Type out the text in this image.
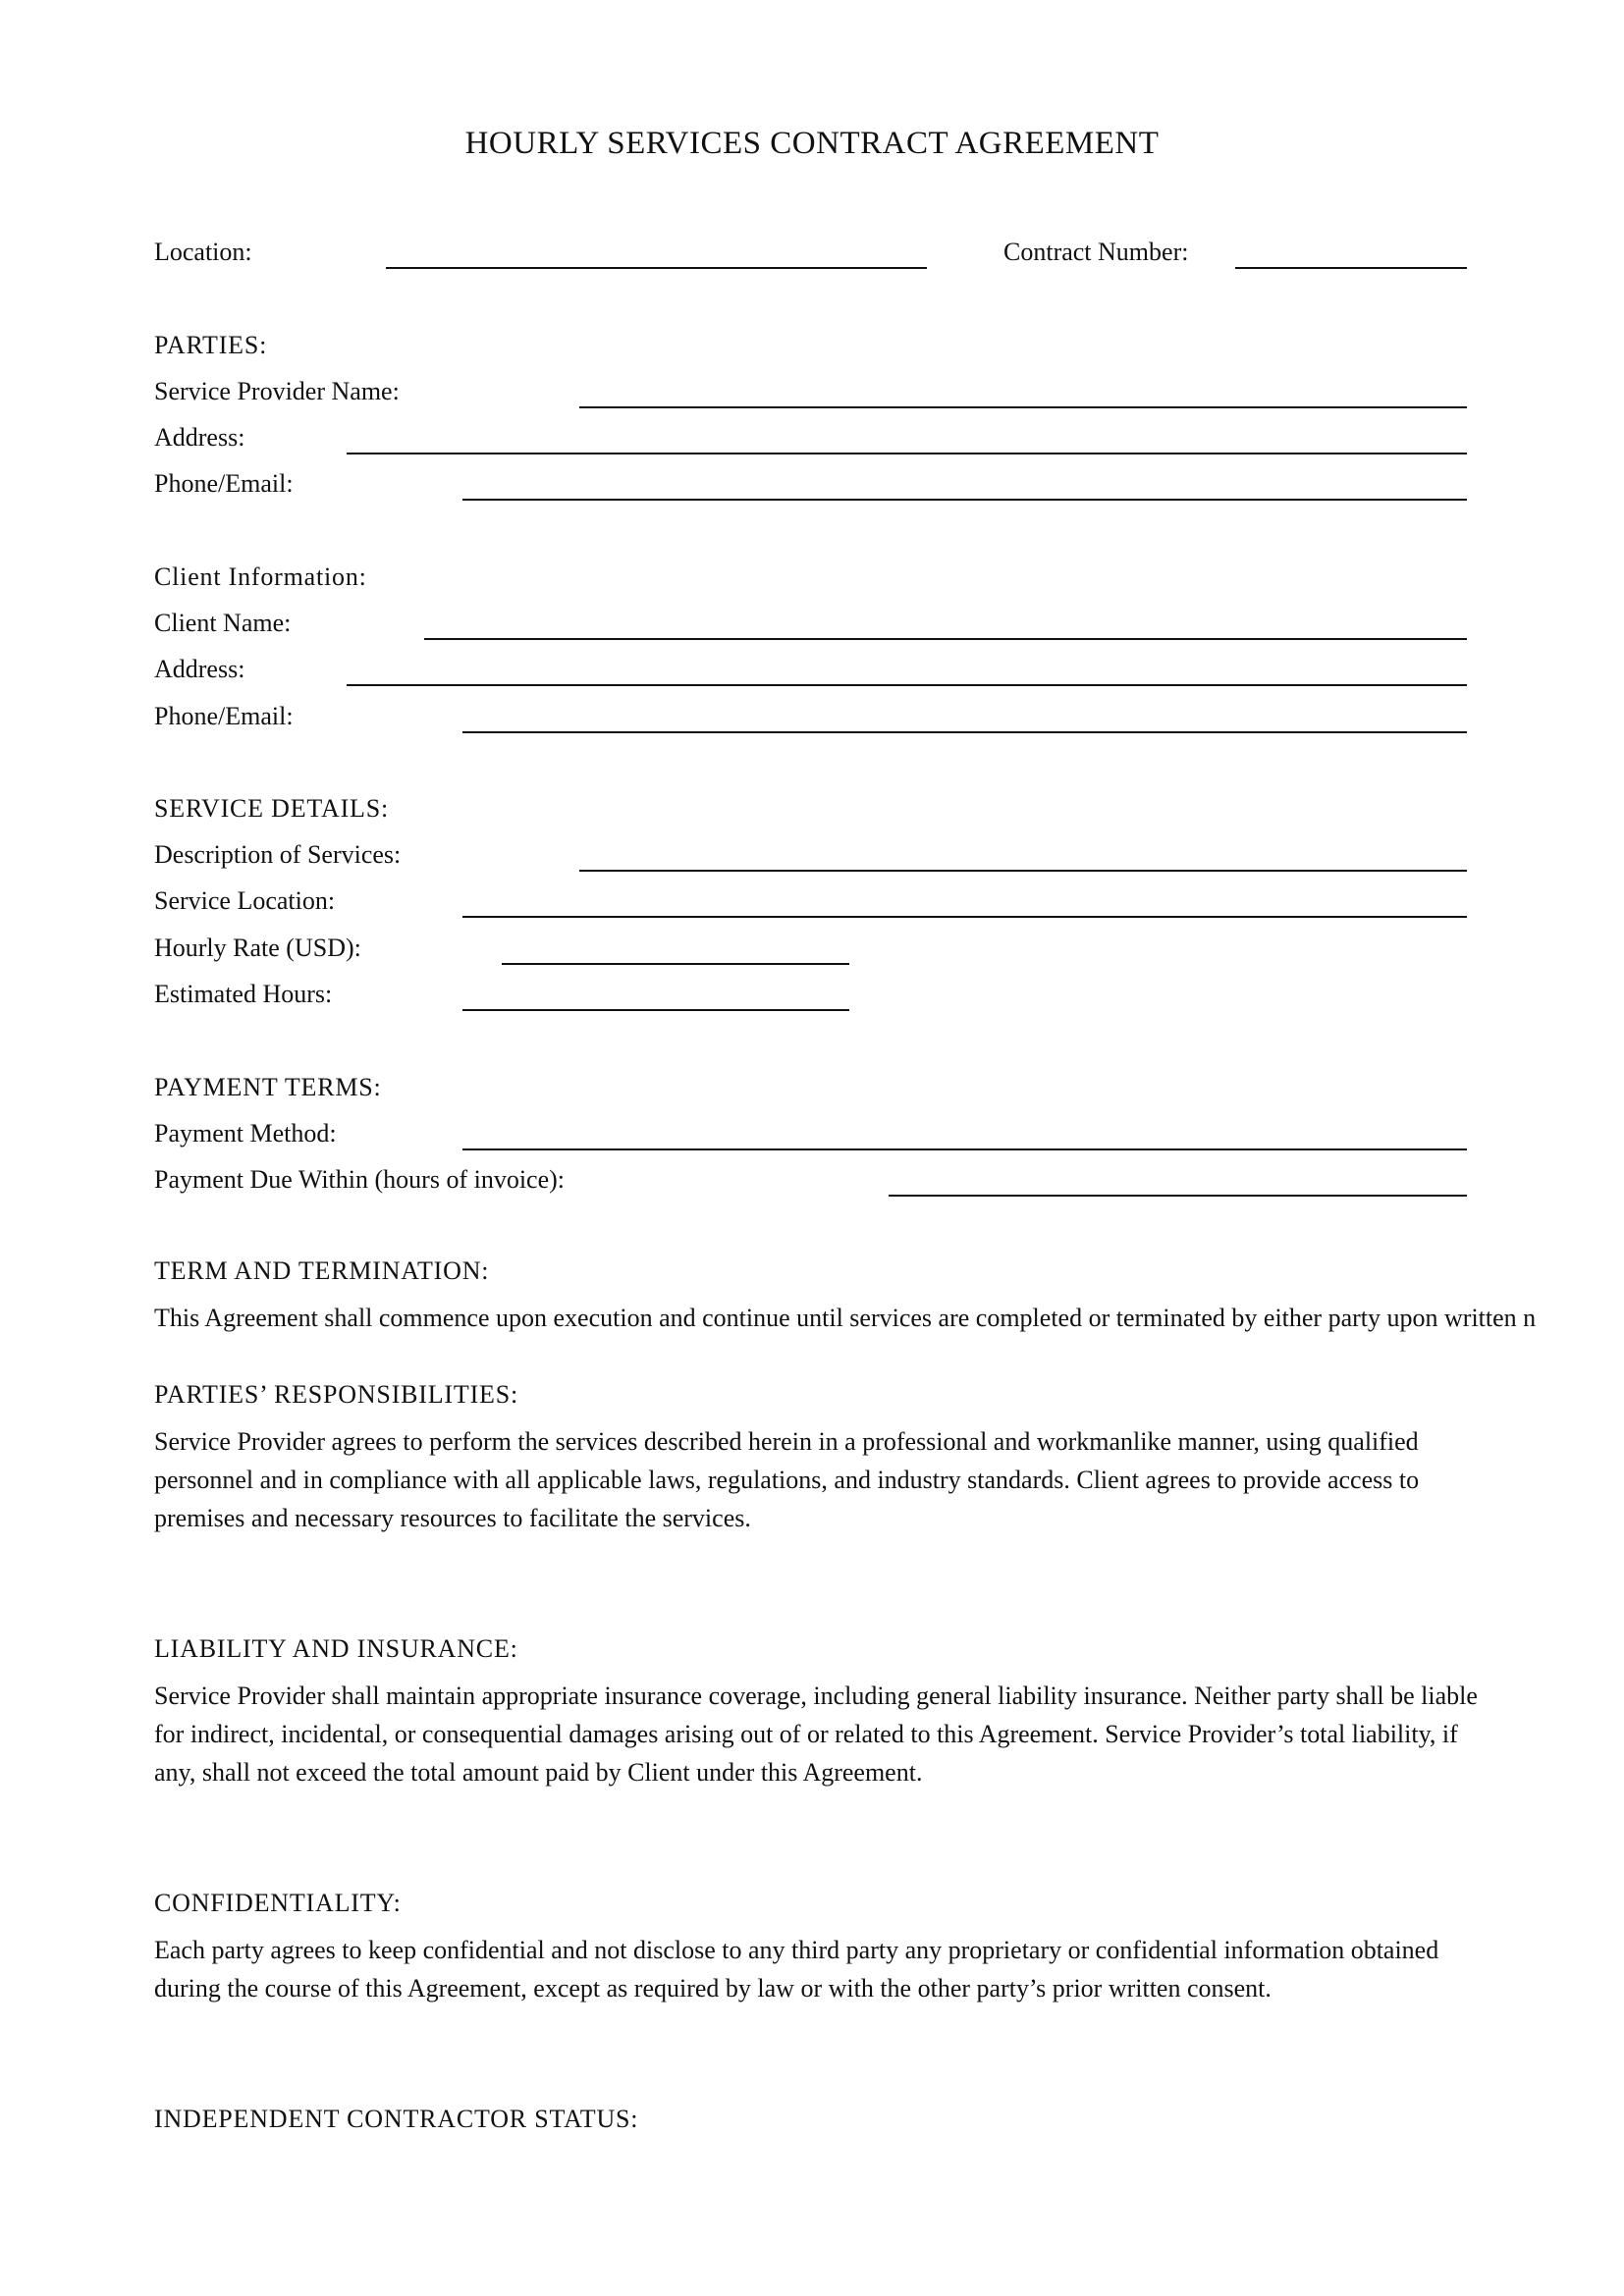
HOURLY SERVICES CONTRACT AGREEMENT
Location:	Contract Number:
PARTIES:
Service Provider Name:
Address:
Phone/Email:
Client Information:
Client Name:
Address:
Phone/Email:
SERVICE DETAILS:
Description of Services:
Service Location:
Hourly Rate (USD):
Estimated Hours:
PAYMENT TERMS:
Payment Method:
Payment Due Within (hours of invoice):
TERM AND TERMINATION:
This Agreement shall commence upon execution and continue until services are completed or terminated by either party upon written n
PARTIES’ RESPONSIBILITIES:
Service Provider agrees to perform the services described herein in a professional and workmanlike manner, using qualified personnel and in compliance with all applicable laws, regulations, and industry standards. Client agrees to provide access to premises and necessary resources to facilitate the services.
LIABILITY AND INSURANCE:
Service Provider shall maintain appropriate insurance coverage, including general liability insurance. Neither party shall be liable for indirect, incidental, or consequential damages arising out of or related to this Agreement. Service Provider’s total liability, if any, shall not exceed the total amount paid by Client under this Agreement.
CONFIDENTIALITY:
Each party agrees to keep confidential and not disclose to any third party any proprietary or confidential information obtained during the course of this Agreement, except as required by law or with the other party’s prior written consent.
INDEPENDENT CONTRACTOR STATUS:
